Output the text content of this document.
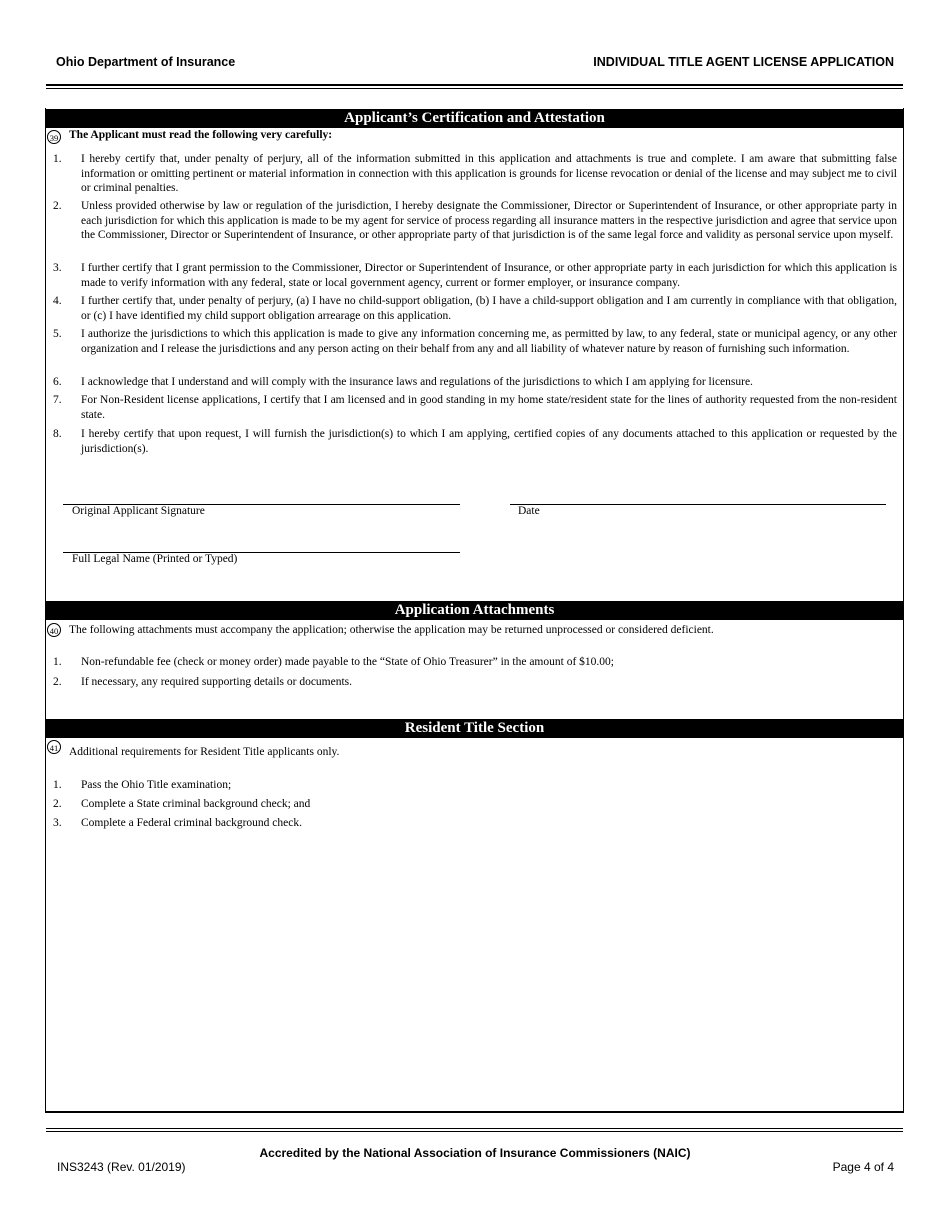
Ohio Department of Insurance	INDIVIDUAL TITLE AGENT LICENSE APPLICATION
Applicant’s Certification and Attestation
39 The Applicant must read the following very carefully:
1. I hereby certify that, under penalty of perjury, all of the information submitted in this application and attachments is true and complete. I am aware that submitting false information or omitting pertinent or material information in connection with this application is grounds for license revocation or denial of the license and may subject me to civil or criminal penalties.
2. Unless provided otherwise by law or regulation of the jurisdiction, I hereby designate the Commissioner, Director or Superintendent of Insurance, or other appropriate party in each jurisdiction for which this application is made to be my agent for service of process regarding all insurance matters in the respective jurisdiction and agree that service upon the Commissioner, Director or Superintendent of Insurance, or other appropriate party of that jurisdiction is of the same legal force and validity as personal service upon myself.
3. I further certify that I grant permission to the Commissioner, Director or Superintendent of Insurance, or other appropriate party in each jurisdiction for which this application is made to verify information with any federal, state or local government agency, current or former employer, or insurance company.
4. I further certify that, under penalty of perjury, (a) I have no child-support obligation, (b) I have a child-support obligation and I am currently in compliance with that obligation, or (c) I have identified my child support obligation arrearage on this application.
5. I authorize the jurisdictions to which this application is made to give any information concerning me, as permitted by law, to any federal, state or municipal agency, or any other organization and I release the jurisdictions and any person acting on their behalf from any and all liability of whatever nature by reason of furnishing such information.
6. I acknowledge that I understand and will comply with the insurance laws and regulations of the jurisdictions to which I am applying for licensure.
7. For Non-Resident license applications, I certify that I am licensed and in good standing in my home state/resident state for the lines of authority requested from the non-resident state.
8. I hereby certify that upon request, I will furnish the jurisdiction(s) to which I am applying, certified copies of any documents attached to this application or requested by the jurisdiction(s).
Original Applicant Signature	Date
Full Legal Name (Printed or Typed)
Application Attachments
40 The following attachments must accompany the application; otherwise the application may be returned unprocessed or considered deficient.
1. Non-refundable fee (check or money order) made payable to the “State of Ohio Treasurer” in the amount of $10.00;
2. If necessary, any required supporting details or documents.
Resident Title Section
41 Additional requirements for Resident Title applicants only.
1. Pass the Ohio Title examination;
2. Complete a State criminal background check; and
3. Complete a Federal criminal background check.
Accredited by the National Association of Insurance Commissioners (NAIC)
INS3243 (Rev. 01/2019)	Page 4 of 4
